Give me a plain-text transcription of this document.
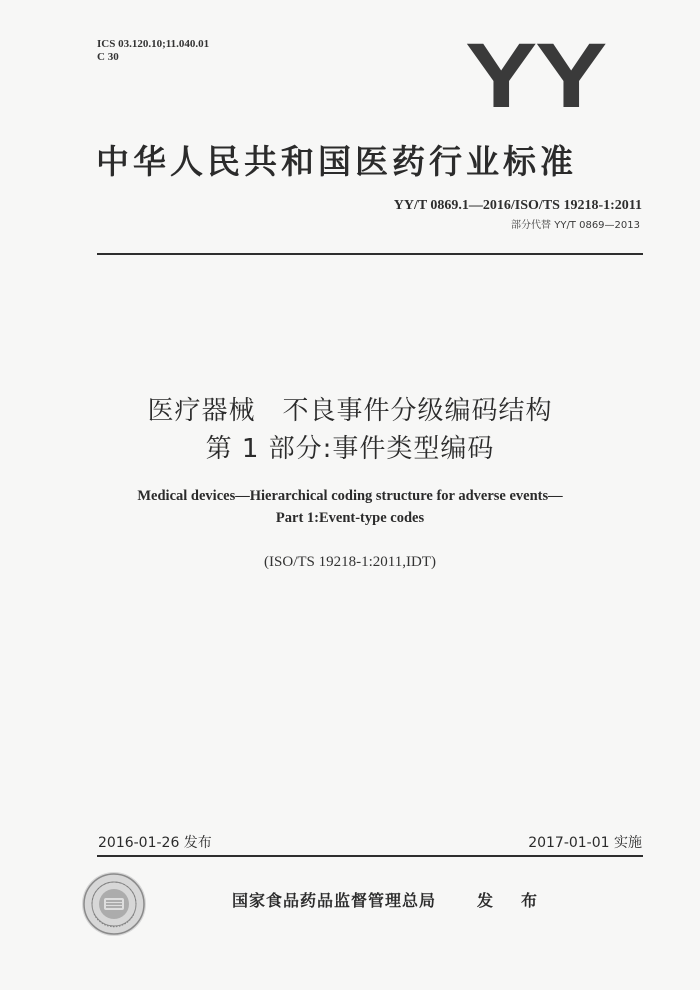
ICS 03.120.10;11.040.01
C 30	YY
中华人民共和国医药行业标准
YY/T 0869.1—2016/ISO/TS 19218-1:2011
部分代替 YY/T 0869—2013
医疗器械　不良事件分级编码结构
第 1 部分:事件类型编码
Medical devices—Hierarchical coding structure for adverse events—
Part 1:Event-type codes
(ISO/TS 19218-1:2011,IDT)
2016-01-26 发布	2017-01-01 实施
国家食品药品监督管理总局	发　布
